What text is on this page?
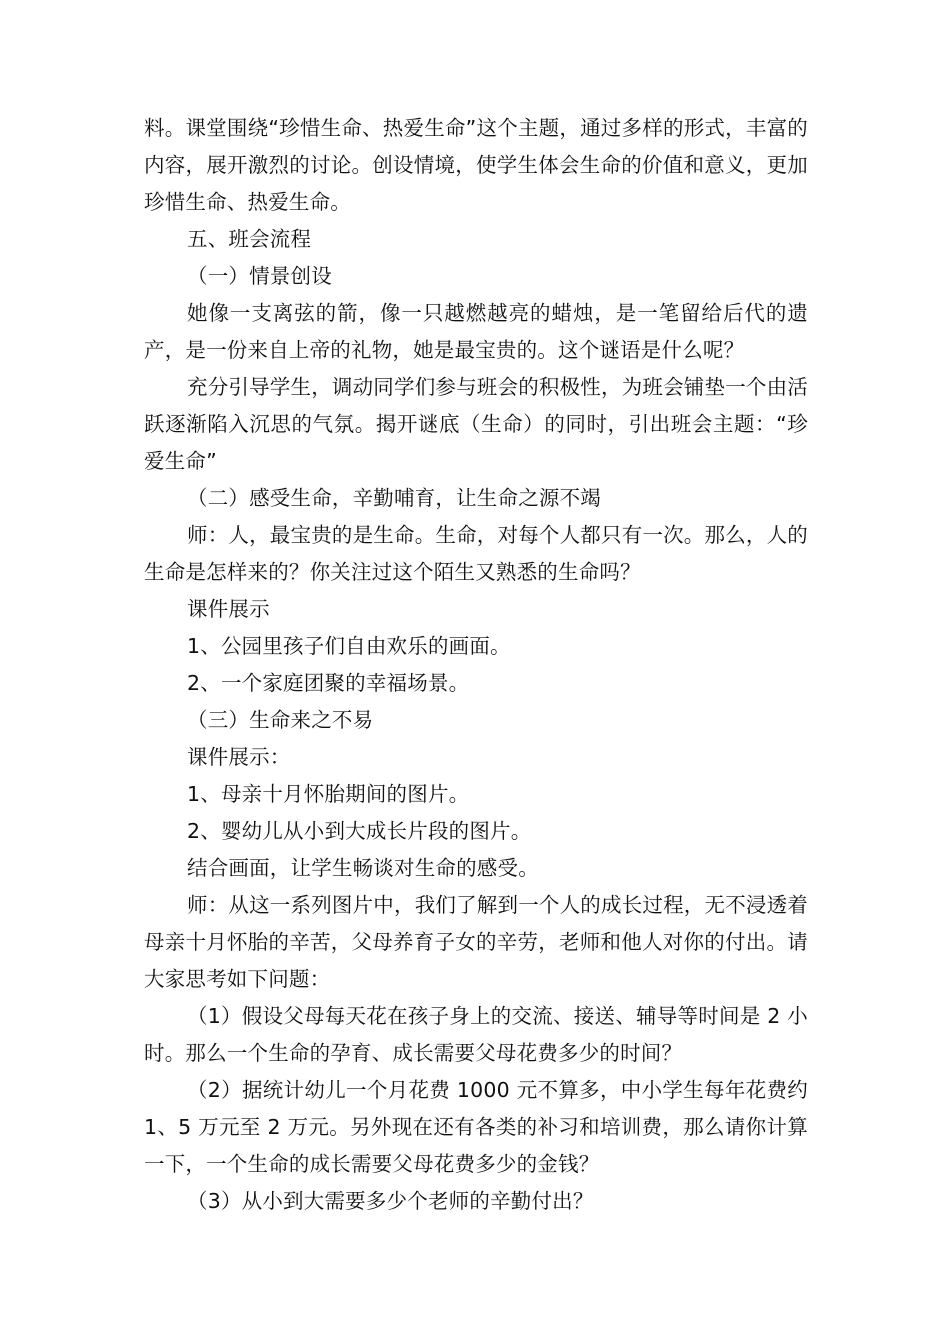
料。课堂围绕“珍惜生命、热爱生命”这个主题，通过多样的形式，丰富的内容，展开激烈的讨论。创设情境，使学生体会生命的价值和意义，更加珍惜生命、热爱生命。

五、班会流程

（一）情景创设

她像一支离弦的箭，像一只越燃越亮的蜡烛，是一笔留给后代的遗产，是一份来自上帝的礼物，她是最宝贵的。这个谜语是什么呢？

充分引导学生，调动同学们参与班会的积极性，为班会铺垫一个由活跃逐渐陷入沉思的气氛。揭开谜底（生命）的同时，引出班会主题：“珍爱生命”

（二）感受生命，辛勤哺育，让生命之源不竭

师：人，最宝贵的是生命。生命，对每个人都只有一次。那么，人的生命是怎样来的？你关注过这个陌生又熟悉的生命吗？

课件展示

1、公园里孩子们自由欢乐的画面。

2、一个家庭团聚的幸福场景。

（三）生命来之不易

课件展示：

1、母亲十月怀胎期间的图片。

2、婴幼儿从小到大成长片段的图片。

结合画面，让学生畅谈对生命的感受。

师：从这一系列图片中，我们了解到一个人的成长过程，无不浸透着母亲十月怀胎的辛苦，父母养育子女的辛劳，老师和他人对你的付出。请大家思考如下问题：

（1）假设父母每天花在孩子身上的交流、接送、辅导等时间是 2 小时。那么一个生命的孕育、成长需要父母花费多少的时间？

（2）据统计幼儿一个月花费 1000 元不算多，中小学生每年花费约 1、5 万元至 2 万元。另外现在还有各类的补习和培训费，那么请你计算一下，一个生命的成长需要父母花费多少的金钱？

（3）从小到大需要多少个老师的辛勤付出？
